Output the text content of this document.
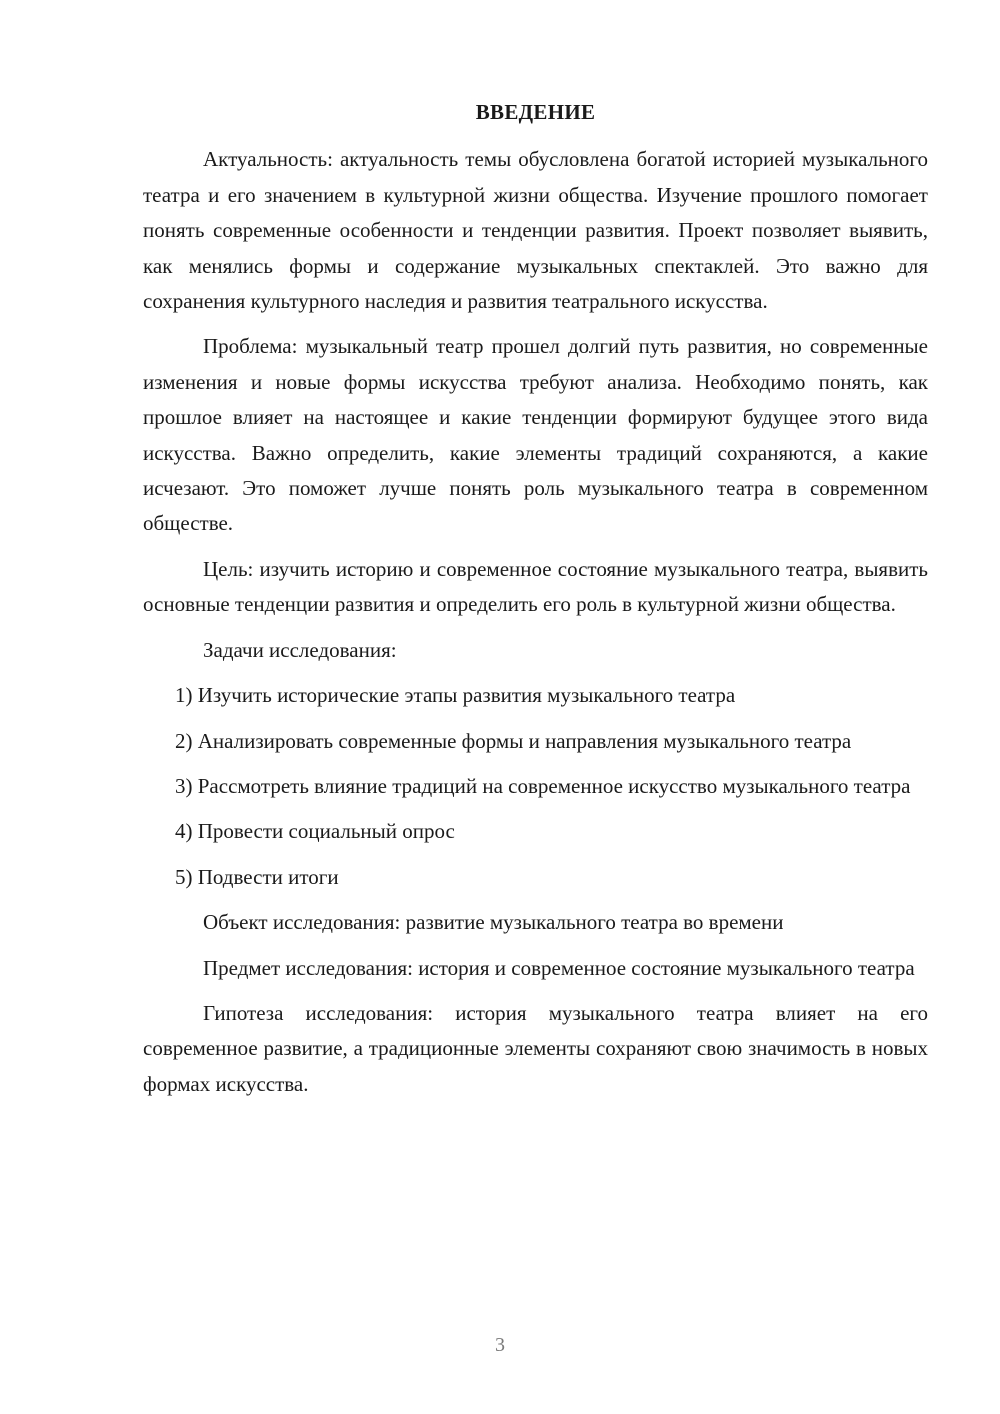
ВВЕДЕНИЕ

Актуальность: актуальность темы обусловлена богатой историей музыкального театра и его значением в культурной жизни общества. Изучение прошлого помогает понять современные особенности и тенденции развития. Проект позволяет выявить, как менялись формы и содержание музыкальных спектаклей. Это важно для сохранения культурного наследия и развития театрального искусства.

Проблема: музыкальный театр прошел долгий путь развития, но современные изменения и новые формы искусства требуют анализа. Необходимо понять, как прошлое влияет на настоящее и какие тенденции формируют будущее этого вида искусства. Важно определить, какие элементы традиций сохраняются, а какие исчезают. Это поможет лучше понять роль музыкального театра в современном обществе.

Цель: изучить историю и современное состояние музыкального театра, выявить основные тенденции развития и определить его роль в культурной жизни общества.

Задачи исследования:

1) Изучить исторические этапы развития музыкального театра

2) Анализировать современные формы и направления музыкального театра

3) Рассмотреть влияние традиций на современное искусство музыкального театра

4) Провести социальный опрос

5) Подвести итоги

Объект исследования: развитие музыкального театра во времени

Предмет исследования: история и современное состояние музыкального театра

Гипотеза исследования: история музыкального театра влияет на его современное развитие, а традиционные элементы сохраняют свою значимость в новых формах искусства.

3
